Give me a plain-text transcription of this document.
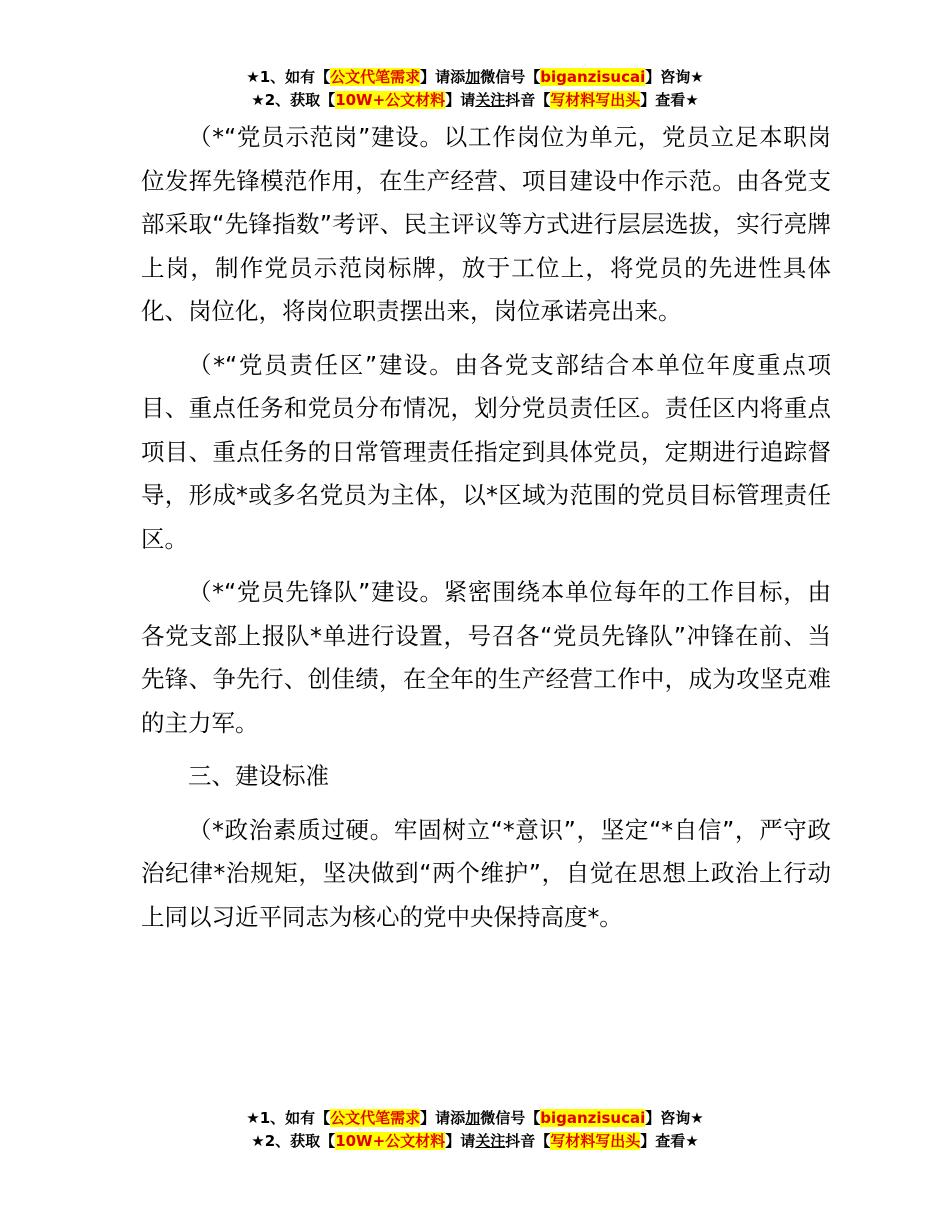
★1、如有【公文代笔需求】请添加微信号【biganzisucai】咨询★
★2、获取【10W+公文材料】请关注抖音【写材料写出头】查看★

（*“党员示范岗”建设。以工作岗位为单元，党员立足本职岗位发挥先锋模范作用，在生产经营、项目建设中作示范。由各党支部采取“先锋指数”考评、民主评议等方式进行层层选拔，实行亮牌上岗，制作党员示范岗标牌，放于工位上，将党员的先进性具体化、岗位化，将岗位职责摆出来，岗位承诺亮出来。

（*“党员责任区”建设。由各党支部结合本单位年度重点项目、重点任务和党员分布情况，划分党员责任区。责任区内将重点项目、重点任务的日常管理责任指定到具体党员，定期进行追踪督导，形成*或多名党员为主体，以*区域为范围的党员目标管理责任区。

（*“党员先锋队”建设。紧密围绕本单位每年的工作目标，由各党支部上报队*单进行设置，号召各“党员先锋队”冲锋在前、当先锋、争先行、创佳绩，在全年的生产经营工作中，成为攻坚克难的主力军。

三、建设标准

（*政治素质过硬。牢固树立“*意识”，坚定“*自信”，严守政治纪律*治规矩，坚决做到“两个维护”，自觉在思想上政治上行动上同以习近平同志为核心的党中央保持高度*。

★1、如有【公文代笔需求】请添加微信号【biganzisucai】咨询★
★2、获取【10W+公文材料】请关注抖音【写材料写出头】查看★
